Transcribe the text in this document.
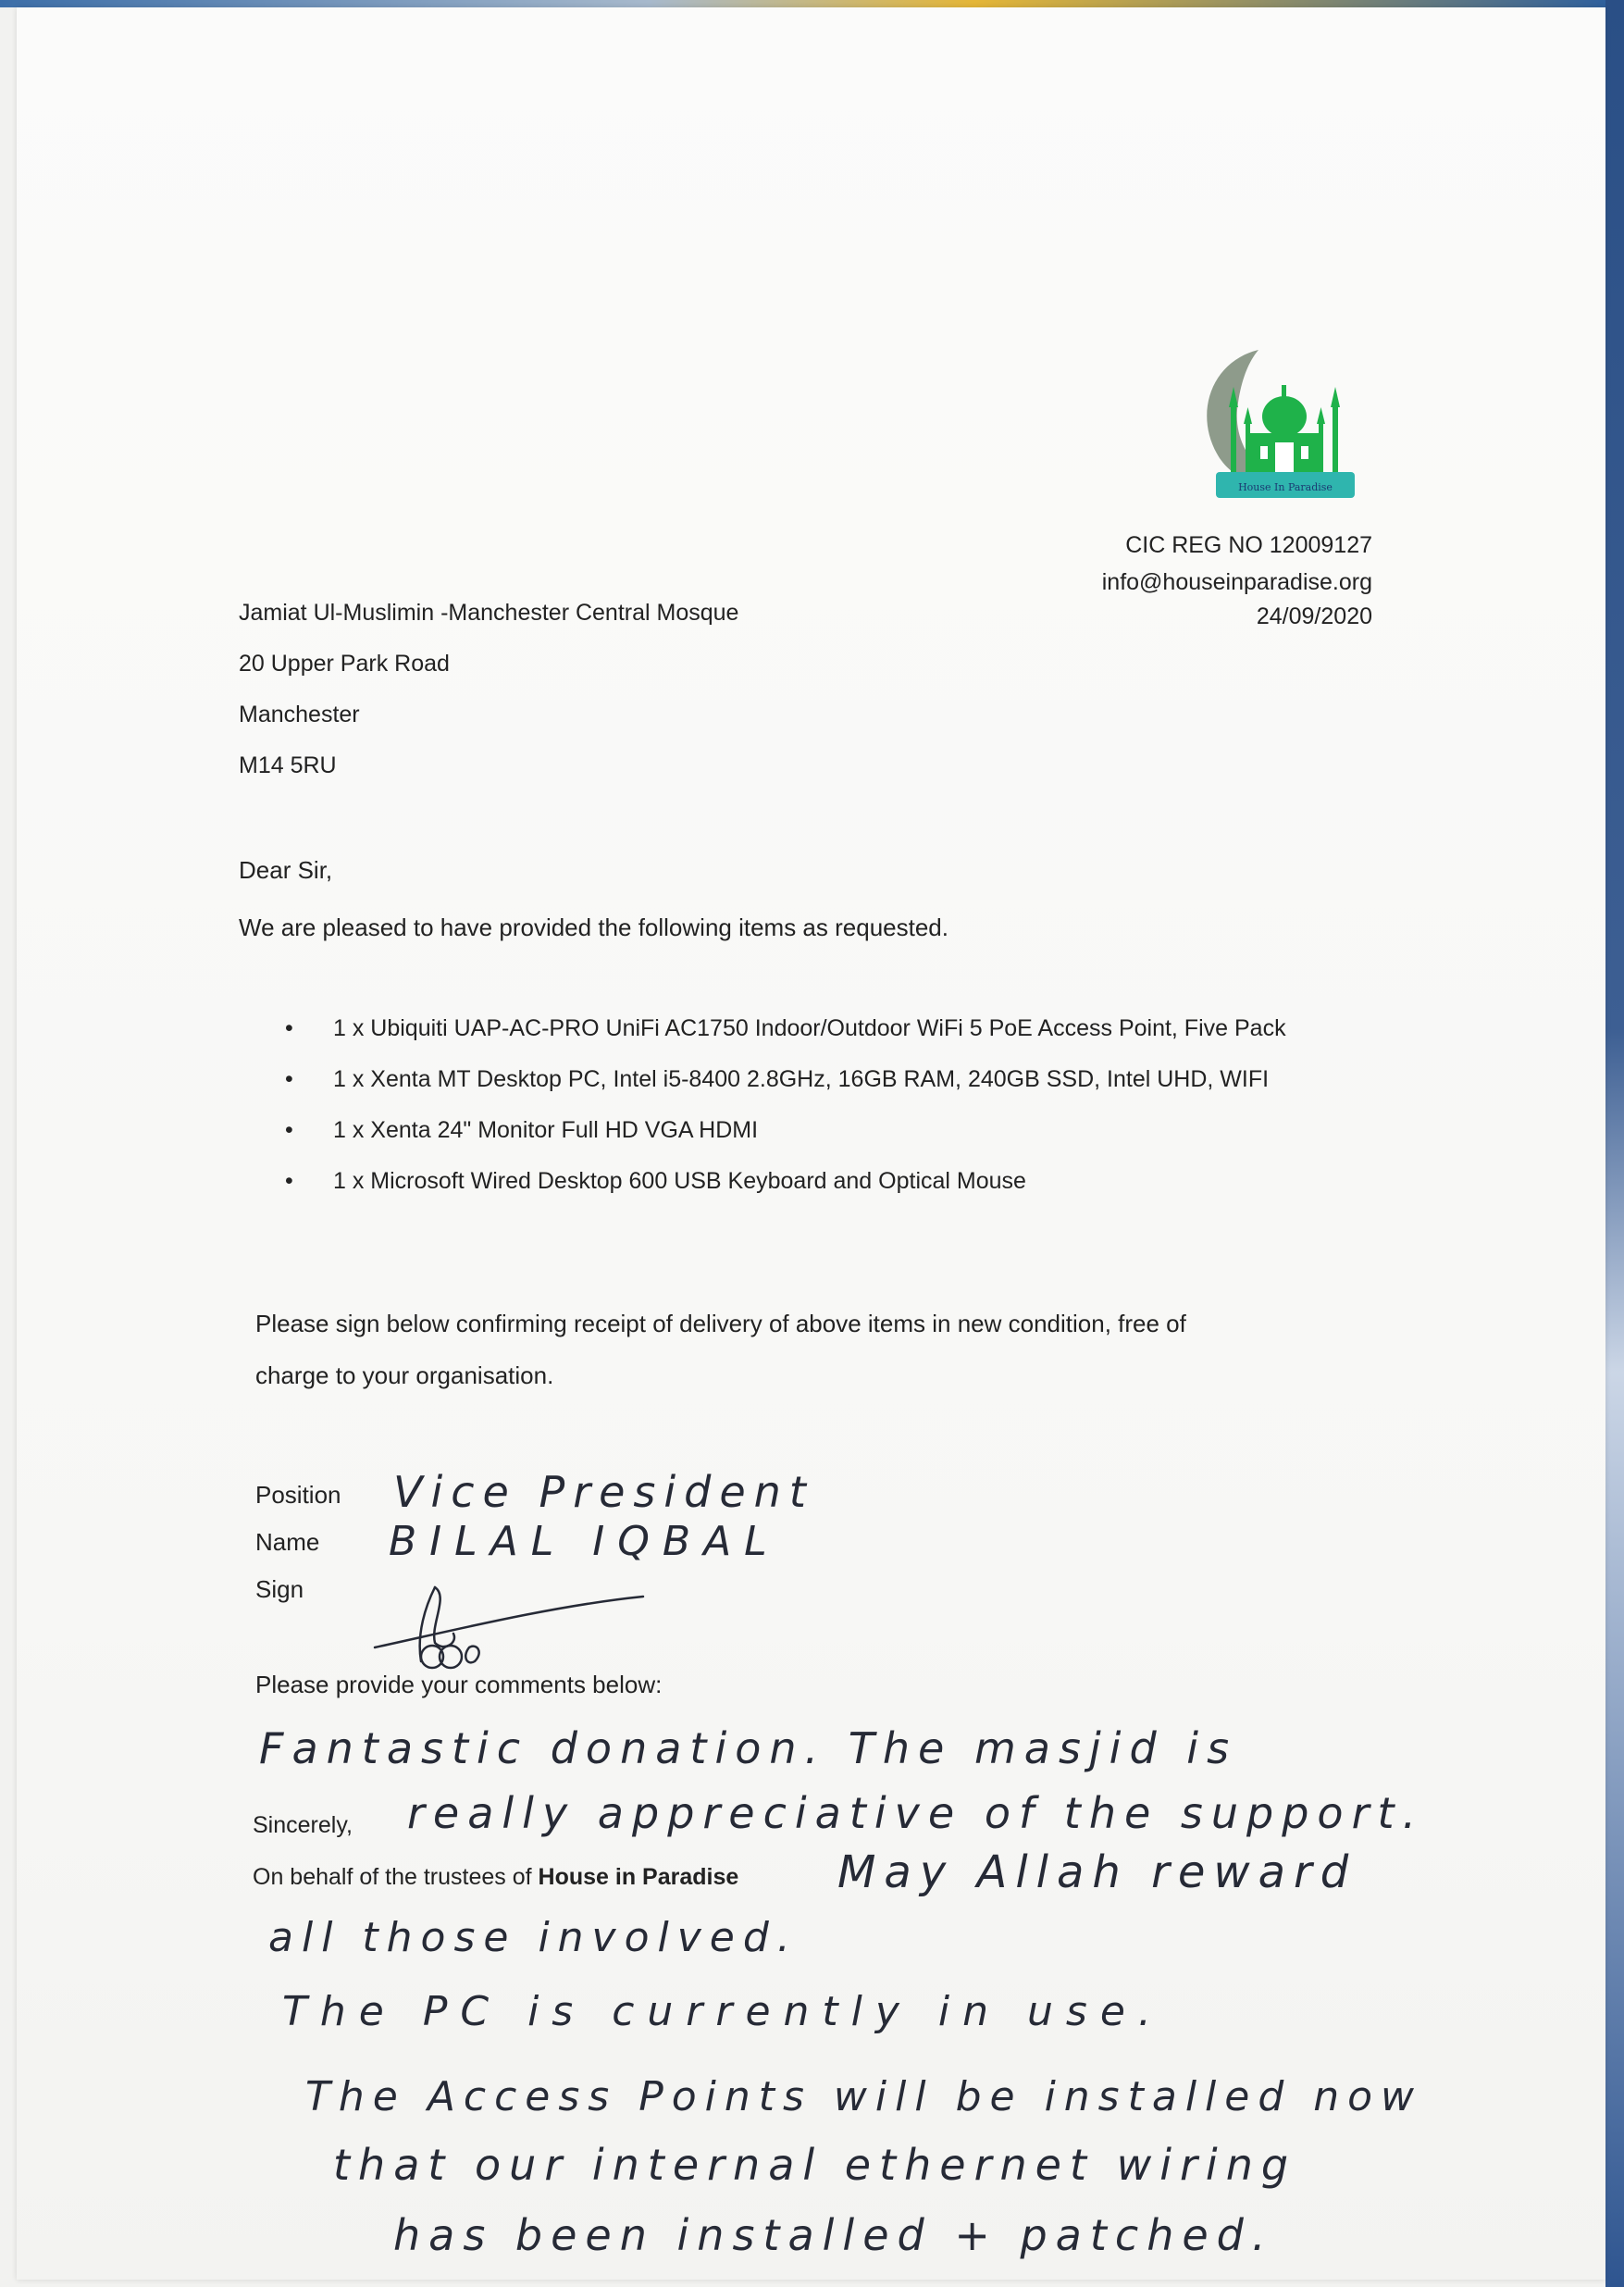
House In Paradise
CIC REG NO 12009127
info@houseinparadise.org
24/09/2020
Jamiat Ul-Muslimin -Manchester Central Mosque
20 Upper Park Road
Manchester
M14 5RU
Dear Sir,
We are pleased to have provided the following items as requested.
• 1 x Ubiquiti UAP-AC-PRO UniFi AC1750 Indoor/Outdoor WiFi 5 PoE Access Point, Five Pack
• 1 x Xenta MT Desktop PC, Intel i5-8400 2.8GHz, 16GB RAM, 240GB SSD, Intel UHD, WIFI
• 1 x Xenta 24" Monitor Full HD VGA HDMI
• 1 x Microsoft Wired Desktop 600 USB Keyboard and Optical Mouse
Please sign below confirming receipt of delivery of above items in new condition, free of
charge to your organisation.
Position
Name
Sign
Vice President
BILAL IQBAL
Please provide your comments below:
Sincerely,
On behalf of the trustees of House in Paradise
Fantastic donation. The masjid is
really appreciative of the support.
May Allah reward
all those involved.
The PC is currently in use.
The Access Points will be installed now
that our internal ethernet wiring
has been installed + patched.
